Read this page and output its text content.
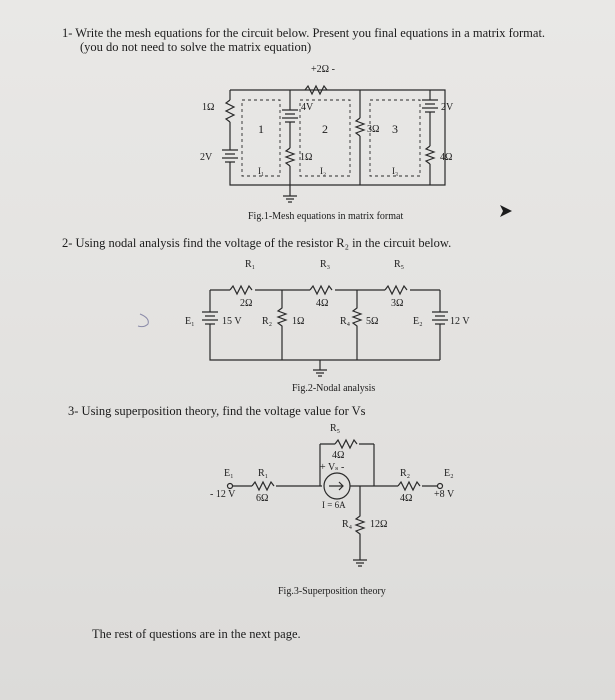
1- Write the mesh equations for the circuit below. Present you final equations in a matrix format.
(you do not need to solve the matrix equation)
+2Ω -
1Ω
2V
4V
1Ω
3Ω
2V
4Ω
1	2	3
I₁	I₂	I₃
Fig.1-Mesh equations in matrix format
2- Using nodal analysis find the voltage of the resistor R₂ in the circuit below.
R₁
2Ω
R₃
4Ω
R₅
3Ω
E₁	15 V R₂ 1Ω	R₄ 5Ω	E₂	12 V
Fig.2-Nodal analysis
3- Using superposition theory, find the voltage value for Vs
R₅
4Ω
+ Vₛ -
E₁
- 12 V
R₁
6Ω
I = 6A
R₂
4Ω
E₂
+8 V
R₄ 12Ω
Fig.3-Superposition theory
The rest of questions are in the next page.
